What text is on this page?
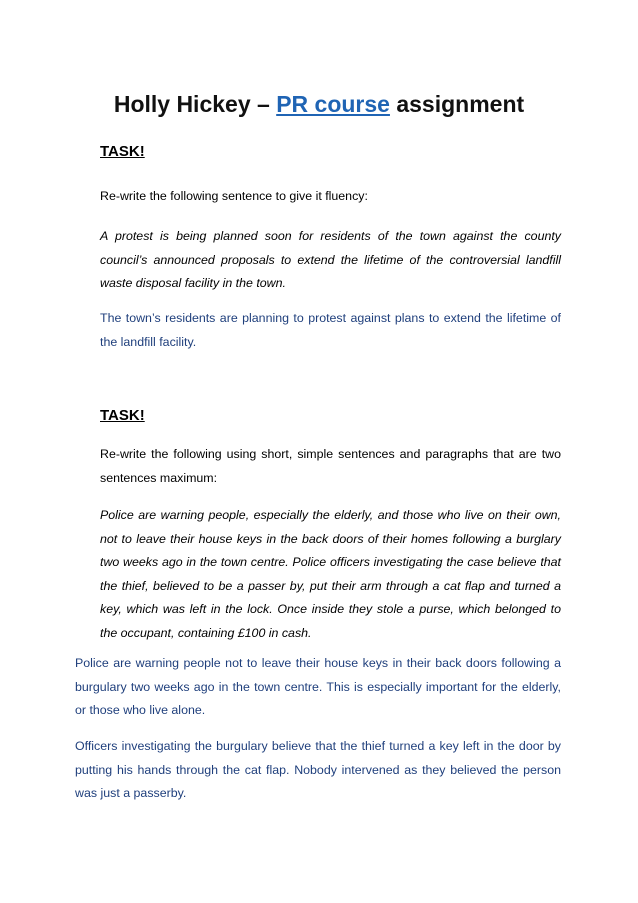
Holly Hickey – PR course assignment
TASK!

Re-write the following sentence to give it fluency:

A protest is being planned soon for residents of the town against the county council’s announced proposals to extend the lifetime of the controversial landfill waste disposal facility in the town.

The town’s residents are planning to protest against plans to extend the lifetime of the landfill facility.

TASK!

Re-write the following using short, simple sentences and paragraphs that are two sentences maximum:

Police are warning people, especially the elderly, and those who live on their own, not to leave their house keys in the back doors of their homes following a burglary two weeks ago in the town centre. Police officers investigating the case believe that the thief, believed to be a passer by, put their arm through a cat flap and turned a key, which was left in the lock. Once inside they stole a purse, which belonged to the occupant, containing £100 in cash.

Police are warning people not to leave their house keys in their back doors following a burgulary two weeks ago in the town centre. This is especially important for the elderly, or those who live alone.

Officers investigating the burgulary believe that the thief turned a key left in the door by putting his hands through the cat flap. Nobody intervened as they believed the person was just a passerby.
